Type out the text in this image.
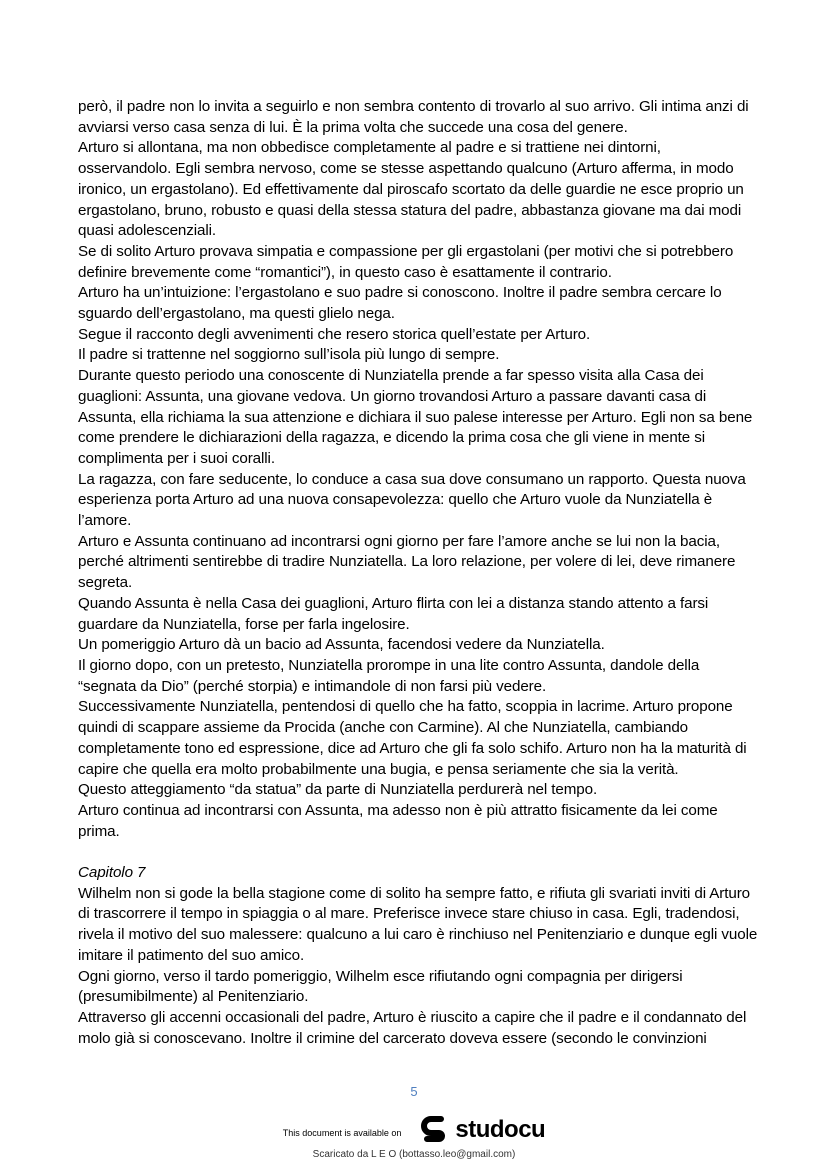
però, il padre non lo invita a seguirlo e non sembra contento di trovarlo al suo arrivo. Gli intima anzi di avviarsi verso casa senza di lui. È la prima volta che succede una cosa del genere.

Arturo si allontana, ma non obbedisce completamente al padre e si trattiene nei dintorni, osservandolo. Egli sembra nervoso, come se stesse aspettando qualcuno (Arturo afferma, in modo ironico, un ergastolano). Ed effettivamente dal piroscafo scortato da delle guardie ne esce proprio un ergastolano, bruno, robusto e quasi della stessa statura del padre, abbastanza giovane ma dai modi quasi adolescenziali.

Se di solito Arturo provava simpatia e compassione per gli ergastolani (per motivi che si potrebbero definire brevemente come “romantici”), in questo caso è esattamente il contrario.

Arturo ha un’intuizione: l’ergastolano e suo padre si conoscono. Inoltre il padre sembra cercare lo sguardo dell’ergastolano, ma questi glielo nega.

Segue il racconto degli avvenimenti che resero storica quell’estate per Arturo.

Il padre si trattenne nel soggiorno sull’isola più lungo di sempre.

Durante questo periodo una conoscente di Nunziatella prende a far spesso visita alla Casa dei guaglioni: Assunta, una giovane vedova. Un giorno trovandosi Arturo a passare davanti casa di Assunta, ella richiama la sua attenzione e dichiara il suo palese interesse per Arturo. Egli non sa bene come prendere le dichiarazioni della ragazza, e dicendo la prima cosa che gli viene in mente si complimenta per i suoi coralli.

La ragazza, con fare seducente, lo conduce a casa sua dove consumano un rapporto. Questa nuova esperienza porta Arturo ad una nuova consapevolezza: quello che Arturo vuole da Nunziatella è l’amore.

Arturo e Assunta continuano ad incontrarsi ogni giorno per fare l’amore anche se lui non la bacia, perché altrimenti sentirebbe di tradire Nunziatella. La loro relazione, per volere di lei, deve rimanere segreta.

Quando Assunta è nella Casa dei guaglioni, Arturo flirta con lei a distanza stando attento a farsi guardare da Nunziatella, forse per farla ingelosire.

Un pomeriggio Arturo dà un bacio ad Assunta, facendosi vedere da Nunziatella.

Il giorno dopo, con un pretesto, Nunziatella prorompe in una lite contro Assunta, dandole della “segnata da Dio” (perché storpia) e intimandole di non farsi più vedere.

Successivamente Nunziatella, pentendosi di quello che ha fatto, scoppia in lacrime. Arturo propone quindi di scappare assieme da Procida (anche con Carmine). Al che Nunziatella, cambiando completamente tono ed espressione, dice ad Arturo che gli fa solo schifo. Arturo non ha la maturità di capire che quella era molto probabilmente una bugia, e pensa seriamente che sia la verità.

Questo atteggiamento “da statua” da parte di Nunziatella perdurerà nel tempo.

Arturo continua ad incontrarsi con Assunta, ma adesso non è più attratto fisicamente da lei come prima.

Capitolo 7

Wilhelm non si gode la bella stagione come di solito ha sempre fatto, e rifiuta gli svariati inviti di Arturo di trascorrere il tempo in spiaggia o al mare. Preferisce invece stare chiuso in casa. Egli, tradendosi, rivela il motivo del suo malessere: qualcuno a lui caro è rinchiuso nel Penitenziario e dunque egli vuole imitare il patimento del suo amico.

Ogni giorno, verso il tardo pomeriggio, Wilhelm esce rifiutando ogni compagnia per dirigersi (presumibilmente) al Penitenziario.

Attraverso gli accenni occasionali del padre, Arturo è riuscito a capire che il padre e il condannato del molo già si conoscevano. Inoltre il crimine del carcerato doveva essere (secondo le convinzioni

5
This document is available on studocu
Scaricato da L E O (bottasso.leo@gmail.com)
